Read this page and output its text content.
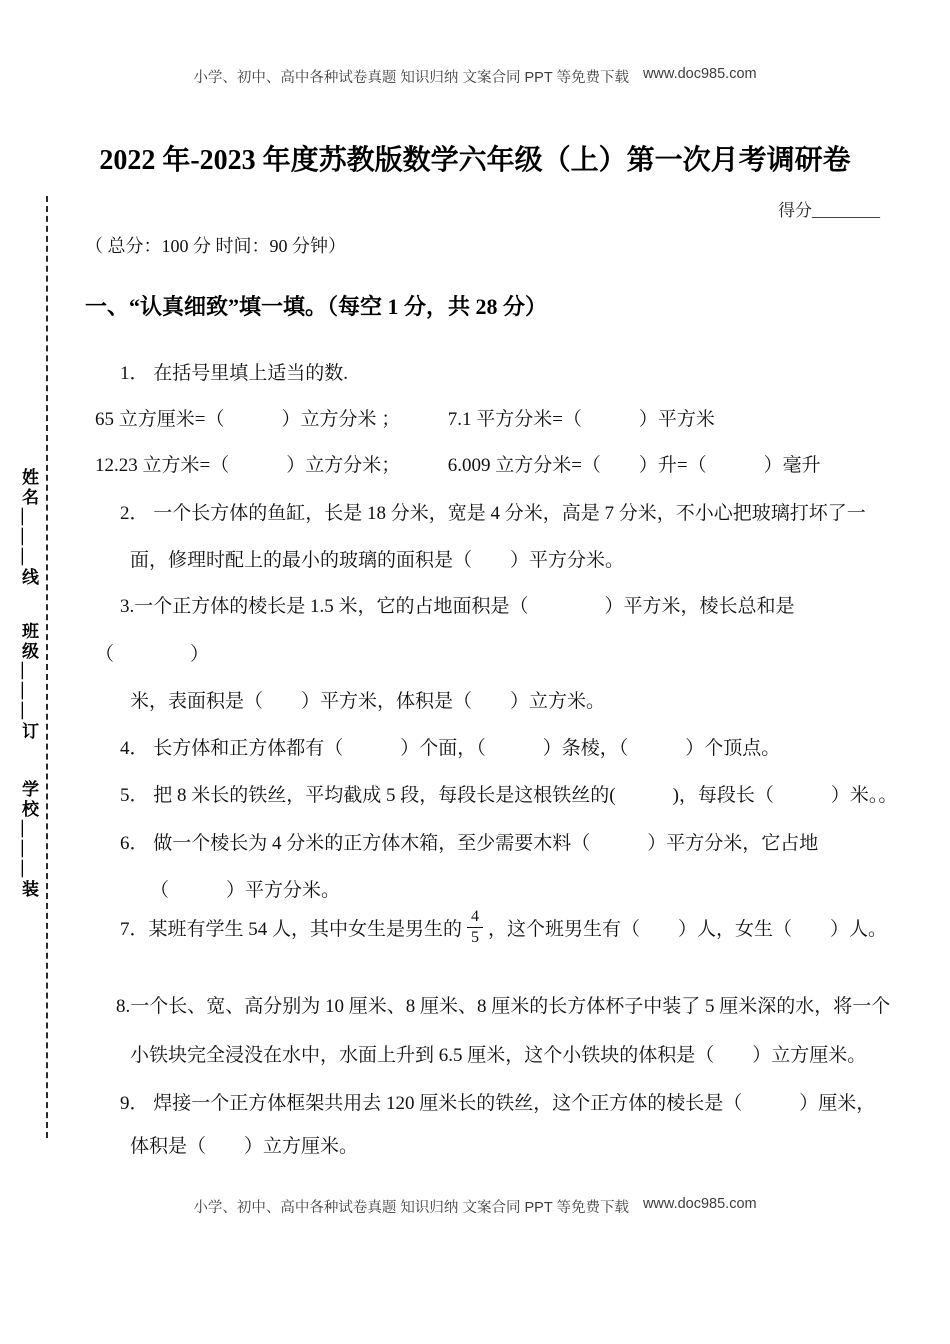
小学、初中、高中各种试卷真题 知识归纳 文案合同 PPT 等免费下载 www.doc985.com
姓名＿＿＿线
班级＿＿＿订
学校＿＿＿装
2022 年-2023 年度苏教版数学六年级（上）第一次月考调研卷
得分________
（ 总分：100 分 时间：90 分钟）
一、“认真细致”填一填。（每空 1 分，共 28 分）
1． 在括号里填上适当的数.
65 立方厘米=（　　　）立方分米 ；　　　7.1 平方分米=（　　　）平方米
12.23 立方米=（　　　）立方分米；　　　6.009 立方分米=（　　）升=（　　　）毫升
2． 一个长方体的鱼缸，长是 18 分米，宽是 4 分米，高是 7 分米，不小心把玻璃打坏了一
面，修理时配上的最小的玻璃的面积是（　　）平方分米。
3.一个正方体的棱长是 1.5 米，它的占地面积是（　　　　）平方米，棱长总和是
（　　　　）
米，表面积是（　　）平方米，体积是（　　）立方米。
4． 长方体和正方体都有（　　　）个面，（　　　）条棱，（　　　）个顶点。
5． 把 8 米长的铁丝，平均截成 5 段，每段长是这根铁丝的(　　　)，每段长（　　　）米。。
6． 做一个棱长为 4 分米的正方体木箱，至少需要木料（　　　）平方分米，它占地
（　　　）平方分米。
7．某班有学生 54 人，其中女生是男生的 $\frac{4}{5}$ ，这个班男生有（　　）人，女生（　　）人。
8.一个长、宽、高分别为 10 厘米、8 厘米、8 厘米的长方体杯子中装了 5 厘米深的水，将一个
小铁块完全浸没在水中，水面上升到 6.5 厘米，这个小铁块的体积是（　　）立方厘米。
9． 焊接一个正方体框架共用去 120 厘米长的铁丝，这个正方体的棱长是（　　　）厘米，
体积是（　　）立方厘米。
小学、初中、高中各种试卷真题 知识归纳 文案合同 PPT 等免费下载 www.doc985.com
